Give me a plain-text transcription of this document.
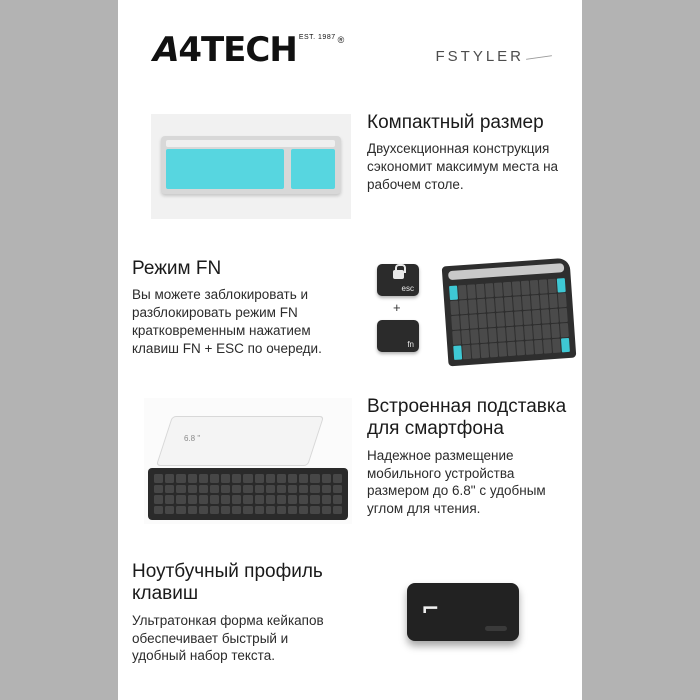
A4TECH EST. 1987 ®
FSTYLER
Компактный размер

Двухсекционная конструкция сэкономит максимум места на рабочем столе.

Режим FN

Вы можете заблокировать и разблокировать режим FN кратковременным нажатием клавиш FN + ESC по очереди.

esc
+
fn
6.8 "
Встроенная подставка для смартфона

Надежное размещение мобильного устройства размером до 6.8" с удобным углом для чтения.

Ноутбучный профиль клавиш

Ультратонкая форма кейкапов обеспечивает быстрый и удобный набор текста.

⌐
